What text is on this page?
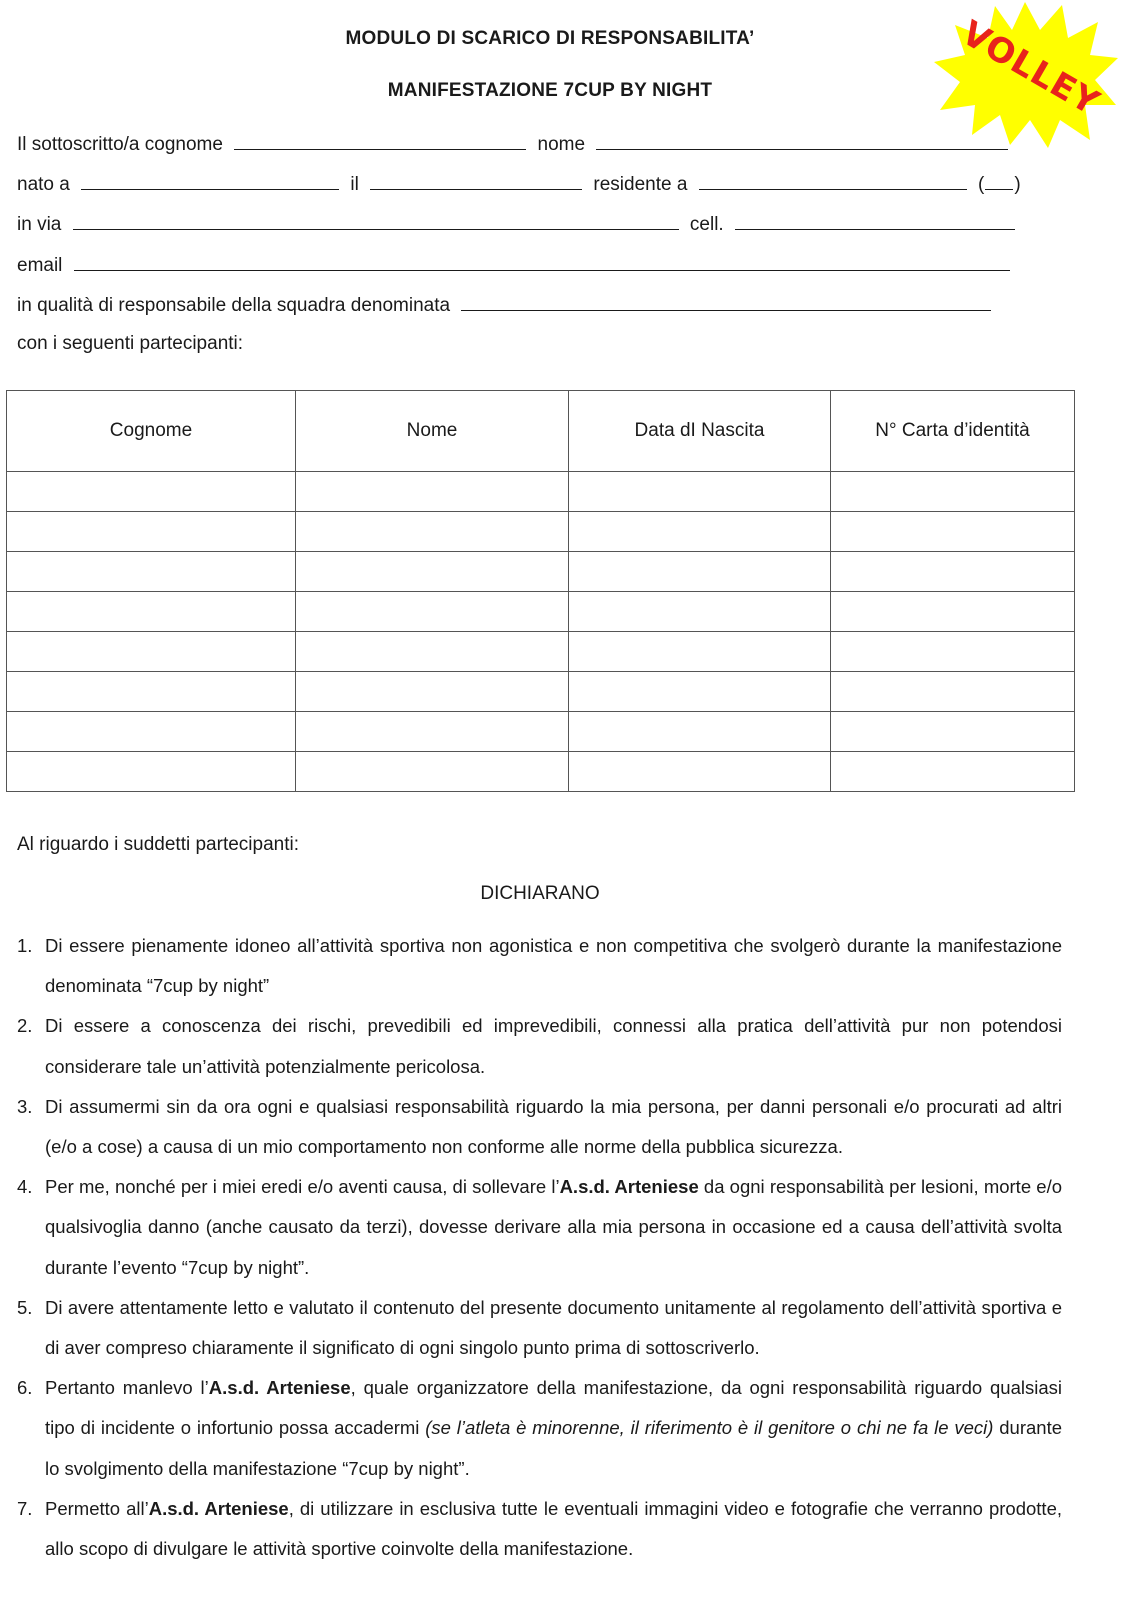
MODULO DI SCARICO DI RESPONSABILITA’
MANIFESTAZIONE 7CUP BY NIGHT	VOLLEY
Il sottoscritto/a cognome	nome
nato a	il	residente a	( )
in via	cell.
email
in qualità di responsabile della squadra denominata
con i seguenti partecipanti:
Cognome	Nome	Data dI Nascita	N° Carta d’identità

Al riguardo i suddetti partecipanti:
DICHIARANO
1. Di essere pienamente idoneo all’attività sportiva non agonistica e non competitiva che svolgerò durante la manifestazione denominata “7cup by night”
2. Di essere a conoscenza dei rischi, prevedibili ed imprevedibili, connessi alla pratica dell’attività pur non potendosi considerare tale un’attività potenzialmente pericolosa.
3. Di assumermi sin da ora ogni e qualsiasi responsabilità riguardo la mia persona, per danni personali e/o procurati ad altri (e/o a cose) a causa di un mio comportamento non conforme alle norme della pubblica sicurezza.
4. Per me, nonché per i miei eredi e/o aventi causa, di sollevare l’A.s.d. Arteniese da ogni responsabilità per lesioni, morte e/o qualsivoglia danno (anche causato da terzi), dovesse derivare alla mia persona in occasione ed a causa dell’attività svolta durante l’evento “7cup by night”.
5. Di avere attentamente letto e valutato il contenuto del presente documento unitamente al regolamento dell’attività sportiva e di aver compreso chiaramente il significato di ogni singolo punto prima di sottoscriverlo.
6. Pertanto manlevo l’A.s.d. Arteniese, quale organizzatore della manifestazione, da ogni responsabilità riguardo qualsiasi tipo di incidente o infortunio possa accadermi (se l’atleta è minorenne, il riferimento è il genitore o chi ne fa le veci) durante lo svolgimento della manifestazione “7cup by night”.
7. Permetto all’A.s.d. Arteniese, di utilizzare in esclusiva tutte le eventuali immagini video e fotografie che verranno prodotte, allo scopo di divulgare le attività sportive coinvolte della manifestazione.
